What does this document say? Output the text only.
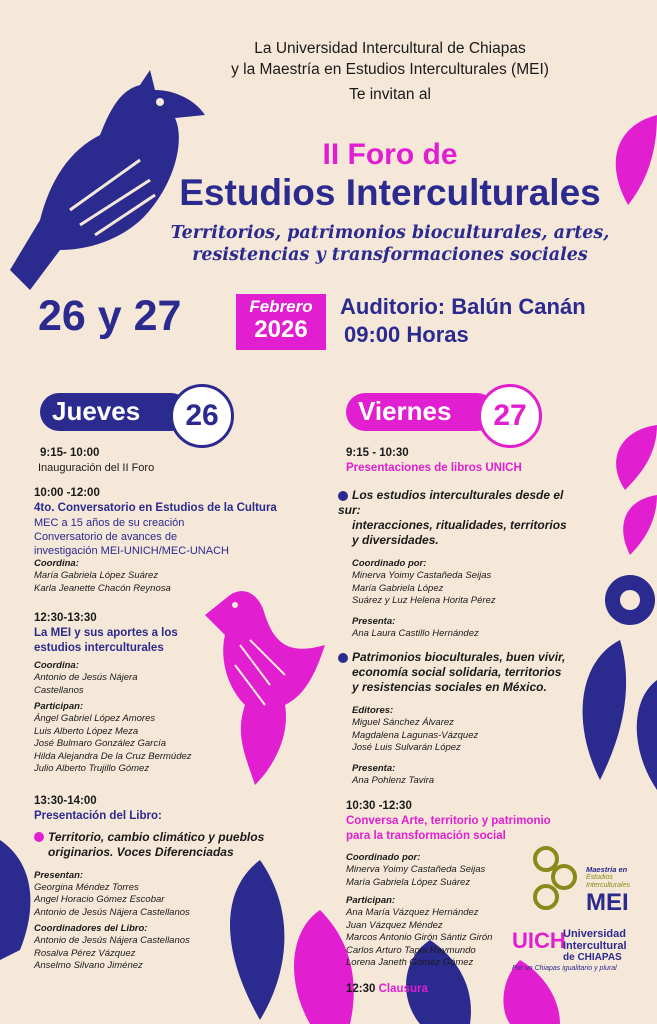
La Universidad Intercultural de Chiapas
y la Maestría en Estudios Interculturales (MEI)
Te invitan al
II Foro de
Estudios Interculturales
Territorios, patrimonios bioculturales, artes,
resistencias y transformaciones sociales
26 y 27	Febrero
2026
Auditorio: Balún Canán
09:00 Horas
Jueves	26
9:15- 10:00
Inauguración del II Foro
10:00 -12:00
4to. Conversatorio en Estudios de la Cultura
MEC a 15 años de su creación
Conversatorio de avances de
investigación MEI-UNICH/MEC-UNACH
Coordina:
María Gabriela López Suárez
Karla Jeanette Chacón Reynosa
12:30-13:30
La MEI y sus aportes a los
estudios interculturales
Coordina:
Antonio de Jesús Nájera
Castellanos
Participan:
Ángel Gabriel López Amores
Luis Alberto López Meza
José Bulmaro González García
Hilda Alejandra De la Cruz Bermúdez
Julio Alberto Trujillo Gómez
13:30-14:00
Presentación del Libro:
Territorio, cambio climático y pueblos
originarios. Voces Diferenciadas
Presentan:
Georgina Méndez Torres
Angel Horacio Gómez Escobar
Antonio de Jesús Nájera Castellanos
Coordinadores del Libro:
Antonio de Jesús Nájera Castellanos
Rosalva Pérez Vázquez
Anselmo Silvano Jiménez
Viernes	27
9:15 - 10:30
Presentaciones de libros UNICH
Los estudios interculturales desde el sur:
interacciones, ritualidades, territorios
y diversidades.
Coordinado por:
Minerva Yoimy Castañeda Seijas
María Gabriela López
Suárez y Luz Helena Horita Pérez
Presenta:
Ana Laura Castillo Hernández
Patrimonios bioculturales, buen vivir,
economía social solidaria, territorios
y resistencias sociales en México.
Editores:
Miguel Sánchez Álvarez
Magdalena Lagunas-Vázquez
José Luis Sulvarán López
Presenta:
Ana Pohlenz Tavira
10:30 -12:30
Conversa Arte, territorio y patrimonio
para la transformación social
Coordinado por:
Minerva Yoimy Castañeda Seijas
María Gabriela López Suárez
Participan:
Ana María Vázquez Hernández
Juan Vázquez Méndez
Marcos Antonio Girón Sántiz Girón
Carlos Arturo Tapia Raymundo
Lorena Janeth Gómez Gómez
12:30 Clausura
Maestría en
Estudios
Interculturales
MEI
UICH
Universidad
Intercultural
de CHIAPAS
Por un Chiapas igualitario y plural
